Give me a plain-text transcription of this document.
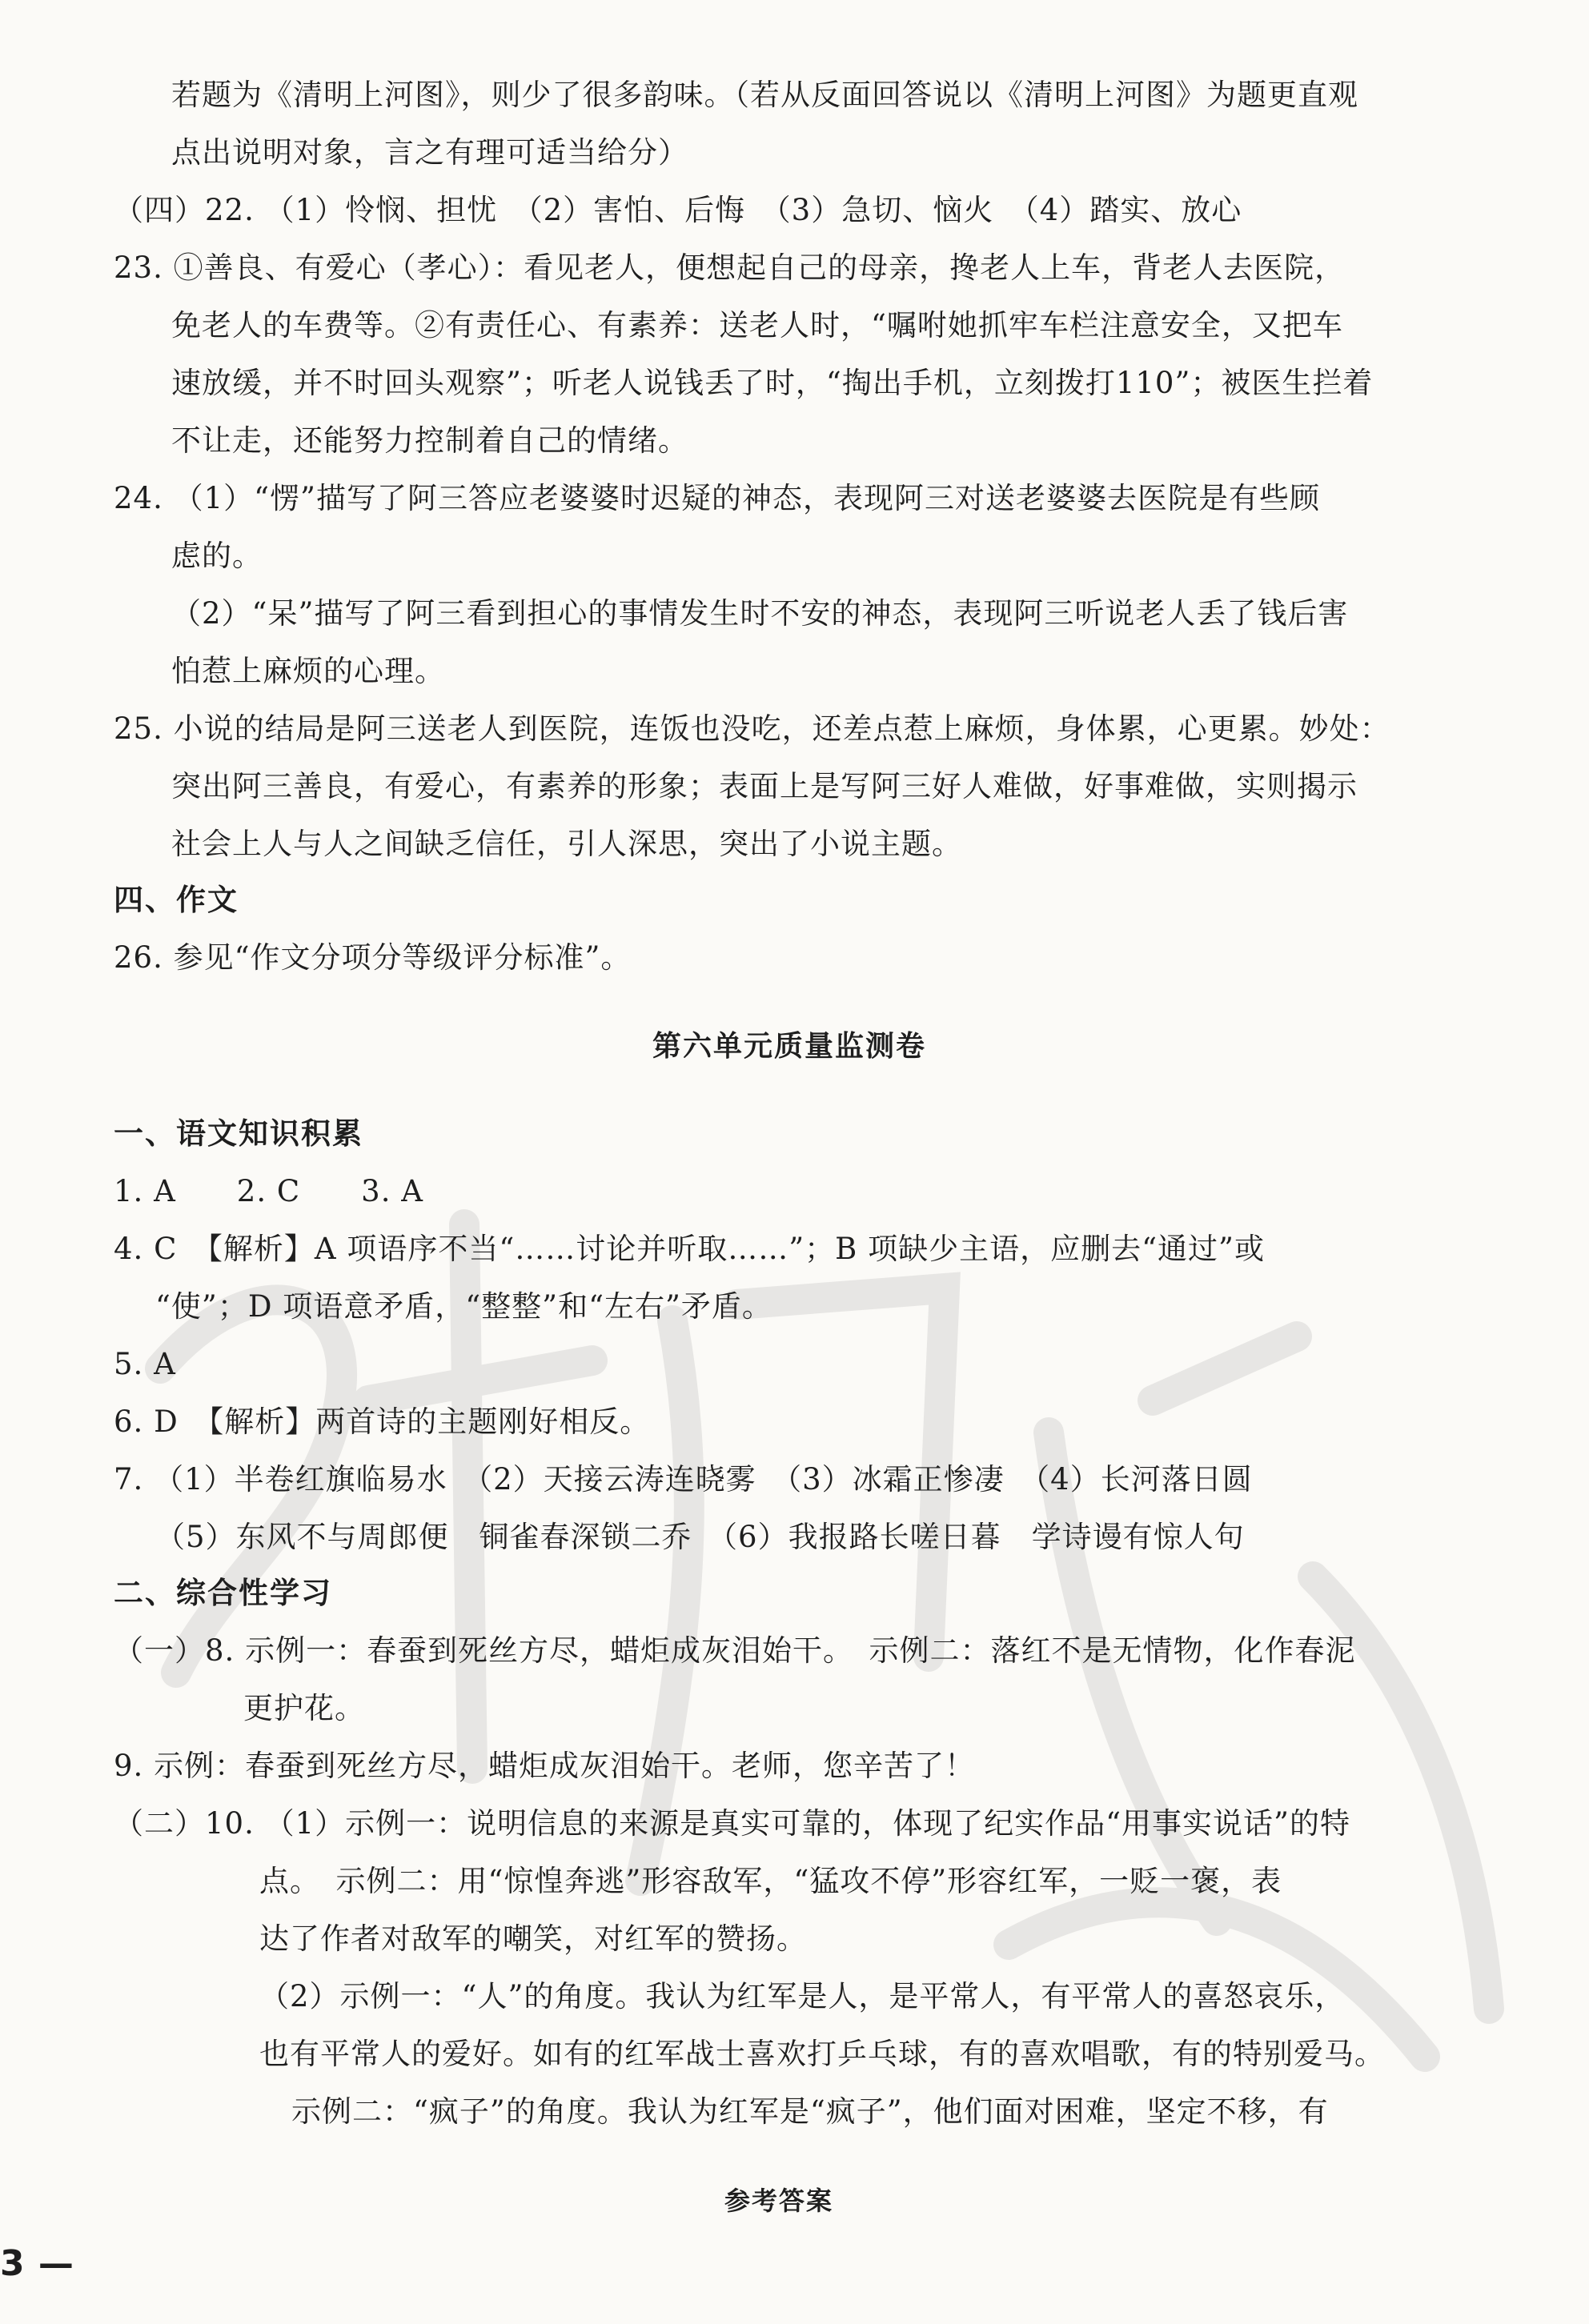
若题为《清明上河图》，则少了很多韵味。（若从反面回答说以《清明上河图》为题更直观
点出说明对象，言之有理可适当给分）
（四）22. （1）怜悯、担忧　（2）害怕、后悔　（3）急切、恼火　（4）踏实、放心
23. ①善良、有爱心（孝心）：看见老人，便想起自己的母亲，搀老人上车，背老人去医院，
免老人的车费等。②有责任心、有素养：送老人时，“嘱咐她抓牢车栏注意安全，又把车
速放缓，并不时回头观察”；听老人说钱丢了时，“掏出手机，立刻拨打110”；被医生拦着
不让走，还能努力控制着自己的情绪。
24. （1）“愣”描写了阿三答应老婆婆时迟疑的神态，表现阿三对送老婆婆去医院是有些顾
虑的。
（2）“呆”描写了阿三看到担心的事情发生时不安的神态，表现阿三听说老人丢了钱后害
怕惹上麻烦的心理。
25. 小说的结局是阿三送老人到医院，连饭也没吃，还差点惹上麻烦，身体累，心更累。妙处：
突出阿三善良，有爱心，有素养的形象；表面上是写阿三好人难做，好事难做，实则揭示
社会上人与人之间缺乏信任，引人深思，突出了小说主题。
四、作文
26. 参见“作文分项分等级评分标准”。
第六单元质量监测卷
一、语文知识积累
1. A　　2. C　　3. A
4. C　【解析】A 项语序不当“……讨论并听取……”；B 项缺少主语，应删去“通过”或
“使”；D 项语意矛盾，“整整”和“左右”矛盾。
5. A
6. D　【解析】两首诗的主题刚好相反。
7. （1）半卷红旗临易水　（2）天接云涛连晓雾　（3）冰霜正惨凄　（4）长河落日圆
（5）东风不与周郎便　铜雀春深锁二乔　（6）我报路长嗟日暮　学诗谩有惊人句
二、综合性学习
（一）8. 示例一：春蚕到死丝方尽，蜡炬成灰泪始干。　示例二：落红不是无情物，化作春泥
更护花。
9. 示例：春蚕到死丝方尽，蜡炬成灰泪始干。老师，您辛苦了！
（二）10. （1）示例一：说明信息的来源是真实可靠的，体现了纪实作品“用事实说话”的特
点。　示例二：用“惊惶奔逃”形容敌军，“猛攻不停”形容红军，一贬一褒，表
达了作者对敌军的嘲笑，对红军的赞扬。
（2）示例一：“人”的角度。我认为红军是人，是平常人，有平常人的喜怒哀乐，
也有平常人的爱好。如有的红军战士喜欢打乒乓球，有的喜欢唱歌，有的特别爱马。
示例二：“疯子”的角度。我认为红军是“疯子”，他们面对困难，坚定不移，有
参考答案
3 —
